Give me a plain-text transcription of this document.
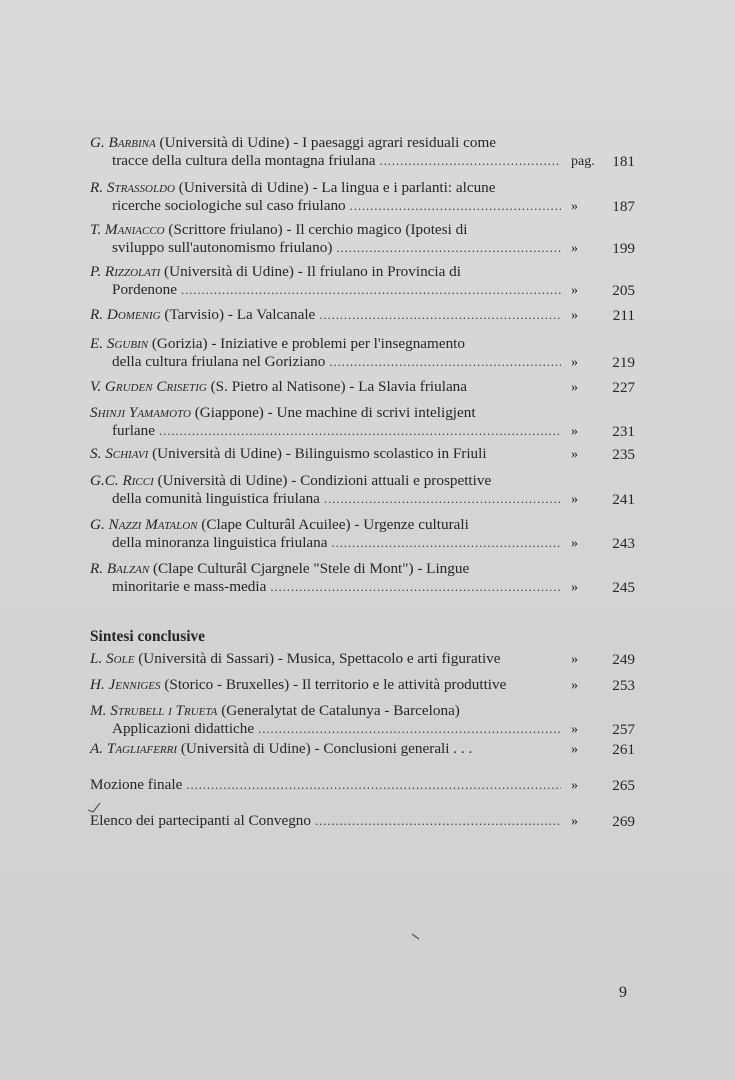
G. Barbina (Università di Udine) - I paesaggi agrari residuali come
tracce della cultura della montagna friulana . . .	pag.	181
R. Strassoldo (Università di Udine) - La lingua e i parlanti: alcune
ricerche sociologiche sul caso friulano . . .	»	187
T. Maniacco (Scrittore friulano) - Il cerchio magico (Ipotesi di
sviluppo sull'autonomismo friulano) . . .	»	199
P. Rizzolati (Università di Udine) - Il friulano in Provincia di
Pordenone . . .	»	205
R. Domenig (Tarvisio) - La Valcanale . . .	»	211
E. Sgubin (Gorizia) - Iniziative e problemi per l'insegnamento
della cultura friulana nel Goriziano . . .	»	219
V. Gruden Crisetig (S. Pietro al Natisone) - La Slavia friulana	»	227
Shinji Yamamoto (Giappone) - Une machine di scrivi inteligjent
furlane . . .	»	231
S. Schiavi (Università di Udine) - Bilinguismo scolastico in Friuli	»	235
G.C. Ricci (Università di Udine) - Condizioni attuali e prospettive
della comunità linguistica friulana . . .	»	241
G. Nazzi Matalon (Clape Culturâl Acuilee) - Urgenze culturali
della minoranza linguistica friulana . . .	»	243
R. Balzan (Clape Culturâl Cjargnele "Stele di Mont") - Lingue
minoritarie e mass-media . . .	»	245
Sintesi conclusive
L. Sole (Università di Sassari) - Musica, Spettacolo e arti figurative	»	249
H. Jenniges (Storico - Bruxelles) - Il territorio e le attività produttive	»	253
M. Strubell i Trueta (Generalytat de Catalunya - Barcelona)
Applicazioni didattiche . . .	»	257
A. Tagliaferri (Università di Udine) - Conclusioni generali . . .	»	261
Mozione finale . . .	»	265
Elenco dei partecipanti al Convegno . . .	»	269
9
